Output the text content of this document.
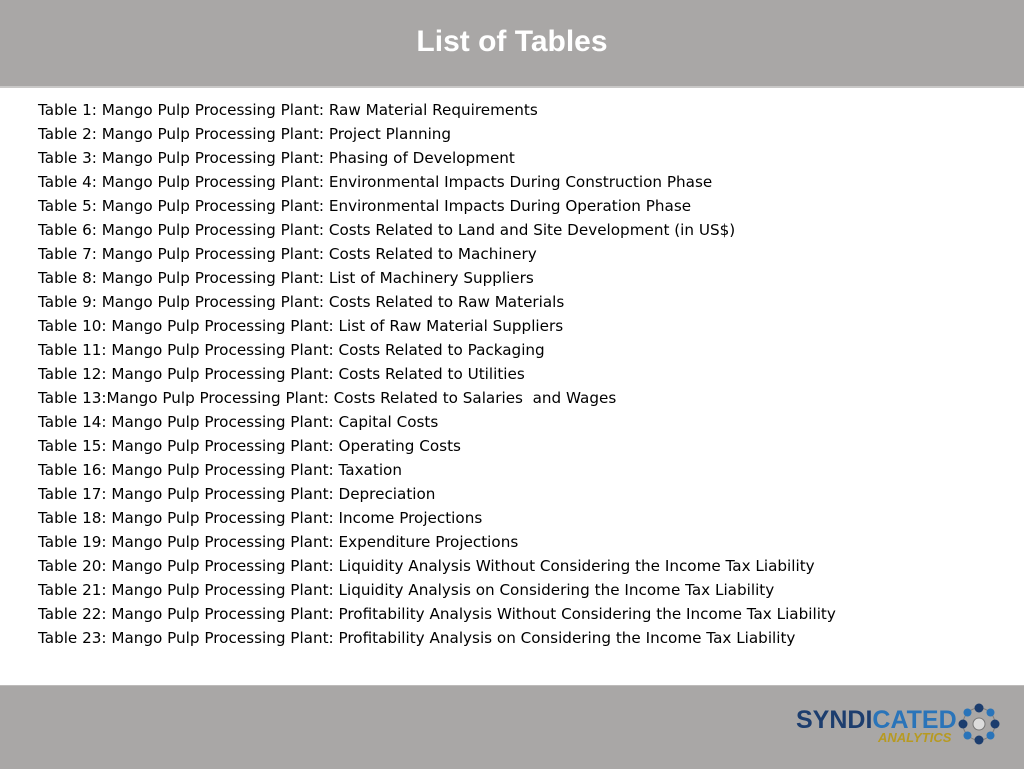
List of Tables
Table 1: Mango Pulp Processing Plant: Raw Material Requirements
Table 2: Mango Pulp Processing Plant: Project Planning
Table 3: Mango Pulp Processing Plant: Phasing of Development
Table 4: Mango Pulp Processing Plant: Environmental Impacts During Construction Phase
Table 5: Mango Pulp Processing Plant: Environmental Impacts During Operation Phase
Table 6: Mango Pulp Processing Plant: Costs Related to Land and Site Development (in US$)
Table 7: Mango Pulp Processing Plant: Costs Related to Machinery
Table 8: Mango Pulp Processing Plant: List of Machinery Suppliers
Table 9: Mango Pulp Processing Plant: Costs Related to Raw Materials
Table 10: Mango Pulp Processing Plant: List of Raw Material Suppliers
Table 11: Mango Pulp Processing Plant: Costs Related to Packaging
Table 12: Mango Pulp Processing Plant: Costs Related to Utilities
Table 13:Mango Pulp Processing Plant: Costs Related to Salaries  and Wages
Table 14: Mango Pulp Processing Plant: Capital Costs
Table 15: Mango Pulp Processing Plant: Operating Costs
Table 16: Mango Pulp Processing Plant: Taxation
Table 17: Mango Pulp Processing Plant: Depreciation
Table 18: Mango Pulp Processing Plant: Income Projections
Table 19: Mango Pulp Processing Plant: Expenditure Projections
Table 20: Mango Pulp Processing Plant: Liquidity Analysis Without Considering the Income Tax Liability
Table 21: Mango Pulp Processing Plant: Liquidity Analysis on Considering the Income Tax Liability
Table 22: Mango Pulp Processing Plant: Profitability Analysis Without Considering the Income Tax Liability
Table 23: Mango Pulp Processing Plant: Profitability Analysis on Considering the Income Tax Liability
SYNDICATED
ANALYTICS
